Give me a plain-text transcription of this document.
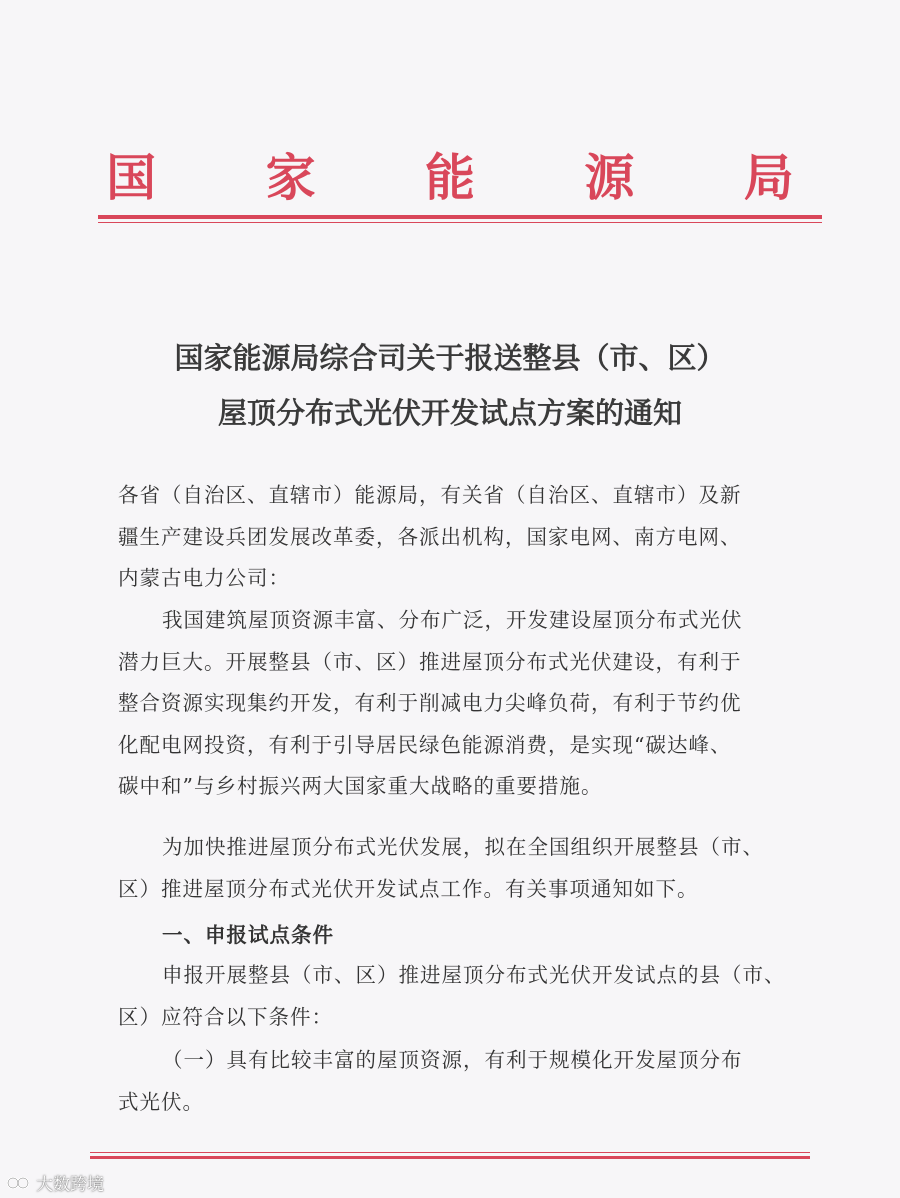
国 家 能 源 局
国家能源局综合司关于报送整县（市、区）
屋顶分布式光伏开发试点方案的通知
各省（自治区、直辖市）能源局，有关省（自治区、直辖市）及新
疆生产建设兵团发展改革委，各派出机构，国家电网、南方电网、
内蒙古电力公司：
我国建筑屋顶资源丰富、分布广泛，开发建设屋顶分布式光伏
潜力巨大。开展整县（市、区）推进屋顶分布式光伏建设，有利于
整合资源实现集约开发，有利于削减电力尖峰负荷，有利于节约优
化配电网投资，有利于引导居民绿色能源消费，是实现“碳达峰、
碳中和”与乡村振兴两大国家重大战略的重要措施。
为加快推进屋顶分布式光伏发展，拟在全国组织开展整县（市、
区）推进屋顶分布式光伏开发试点工作。有关事项通知如下。
一、申报试点条件
申报开展整县（市、区）推进屋顶分布式光伏开发试点的县（市、
区）应符合以下条件：
（一）具有比较丰富的屋顶资源，有利于规模化开发屋顶分布
式光伏。
大数跨境
